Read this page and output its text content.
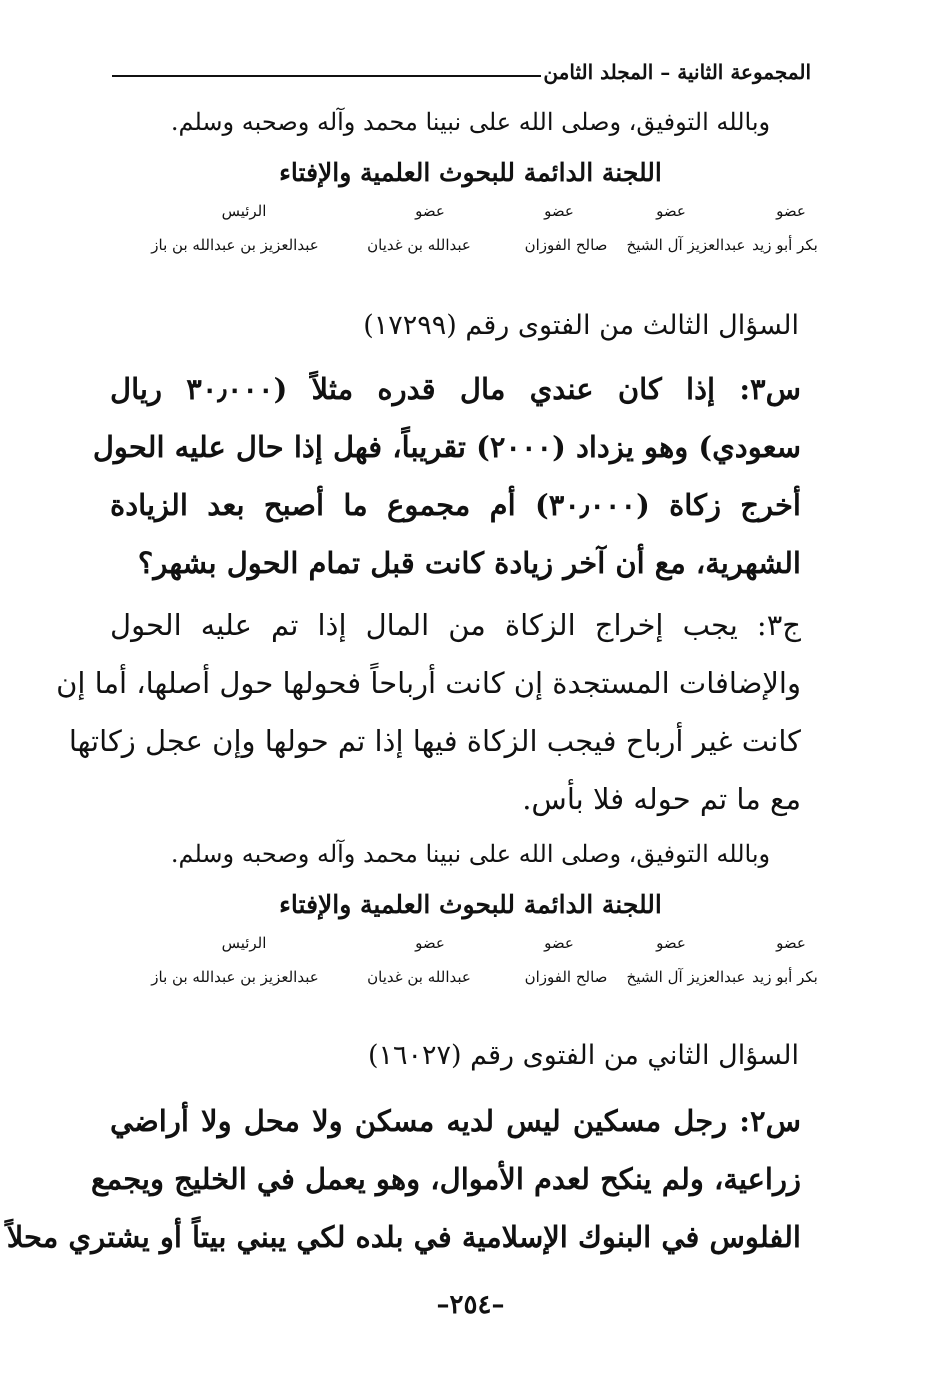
المجموعة الثانية – المجلد الثامن
وبالله التوفيق، وصلى الله على نبينا محمد وآله وصحبه وسلم.
اللجنة الدائمة للبحوث العلمية والإفتاء
عضو
عضو
عضو
عضو
الرئيس
بكر أبو زيد
عبدالعزيز آل الشيخ
صالح الفوزان
عبدالله بن غديان
عبدالعزيز بن عبدالله بن باز
السؤال الثالث من الفتوى رقم (١٧٢٩٩)
س٣: إذا كان عندي مال قدره مثلاً (٣٠٫٠٠٠ ريال
سعودي) وهو يزداد (٢٠٠٠) تقريباً، فهل إذا حال عليه الحول
أخرج زكاة (٣٠٫٠٠٠) أم مجموع ما أصبح بعد الزيادة
الشهرية، مع أن آخر زيادة كانت قبل تمام الحول بشهر؟
ج٣: يجب إخراج الزكاة من المال إذا تم عليه الحول
والإضافات المستجدة إن كانت أرباحاً فحولها حول أصلها، أما إن
كانت غير أرباح فيجب الزكاة فيها إذا تم حولها وإن عجل زكاتها
مع ما تم حوله فلا بأس.
وبالله التوفيق، وصلى الله على نبينا محمد وآله وصحبه وسلم.
اللجنة الدائمة للبحوث العلمية والإفتاء
عضو
عضو
عضو
عضو
الرئيس
بكر أبو زيد
عبدالعزيز آل الشيخ
صالح الفوزان
عبدالله بن غديان
عبدالعزيز بن عبدالله بن باز
السؤال الثاني من الفتوى رقم (١٦٠٢٧)
س٢: رجل مسكين ليس لديه مسكن ولا محل ولا أراضي
زراعية، ولم ينكح لعدم الأموال، وهو يعمل في الخليج ويجمع
الفلوس في البنوك الإسلامية في بلده لكي يبني بيتاً أو يشتري محلاً
–٢٥٤–
